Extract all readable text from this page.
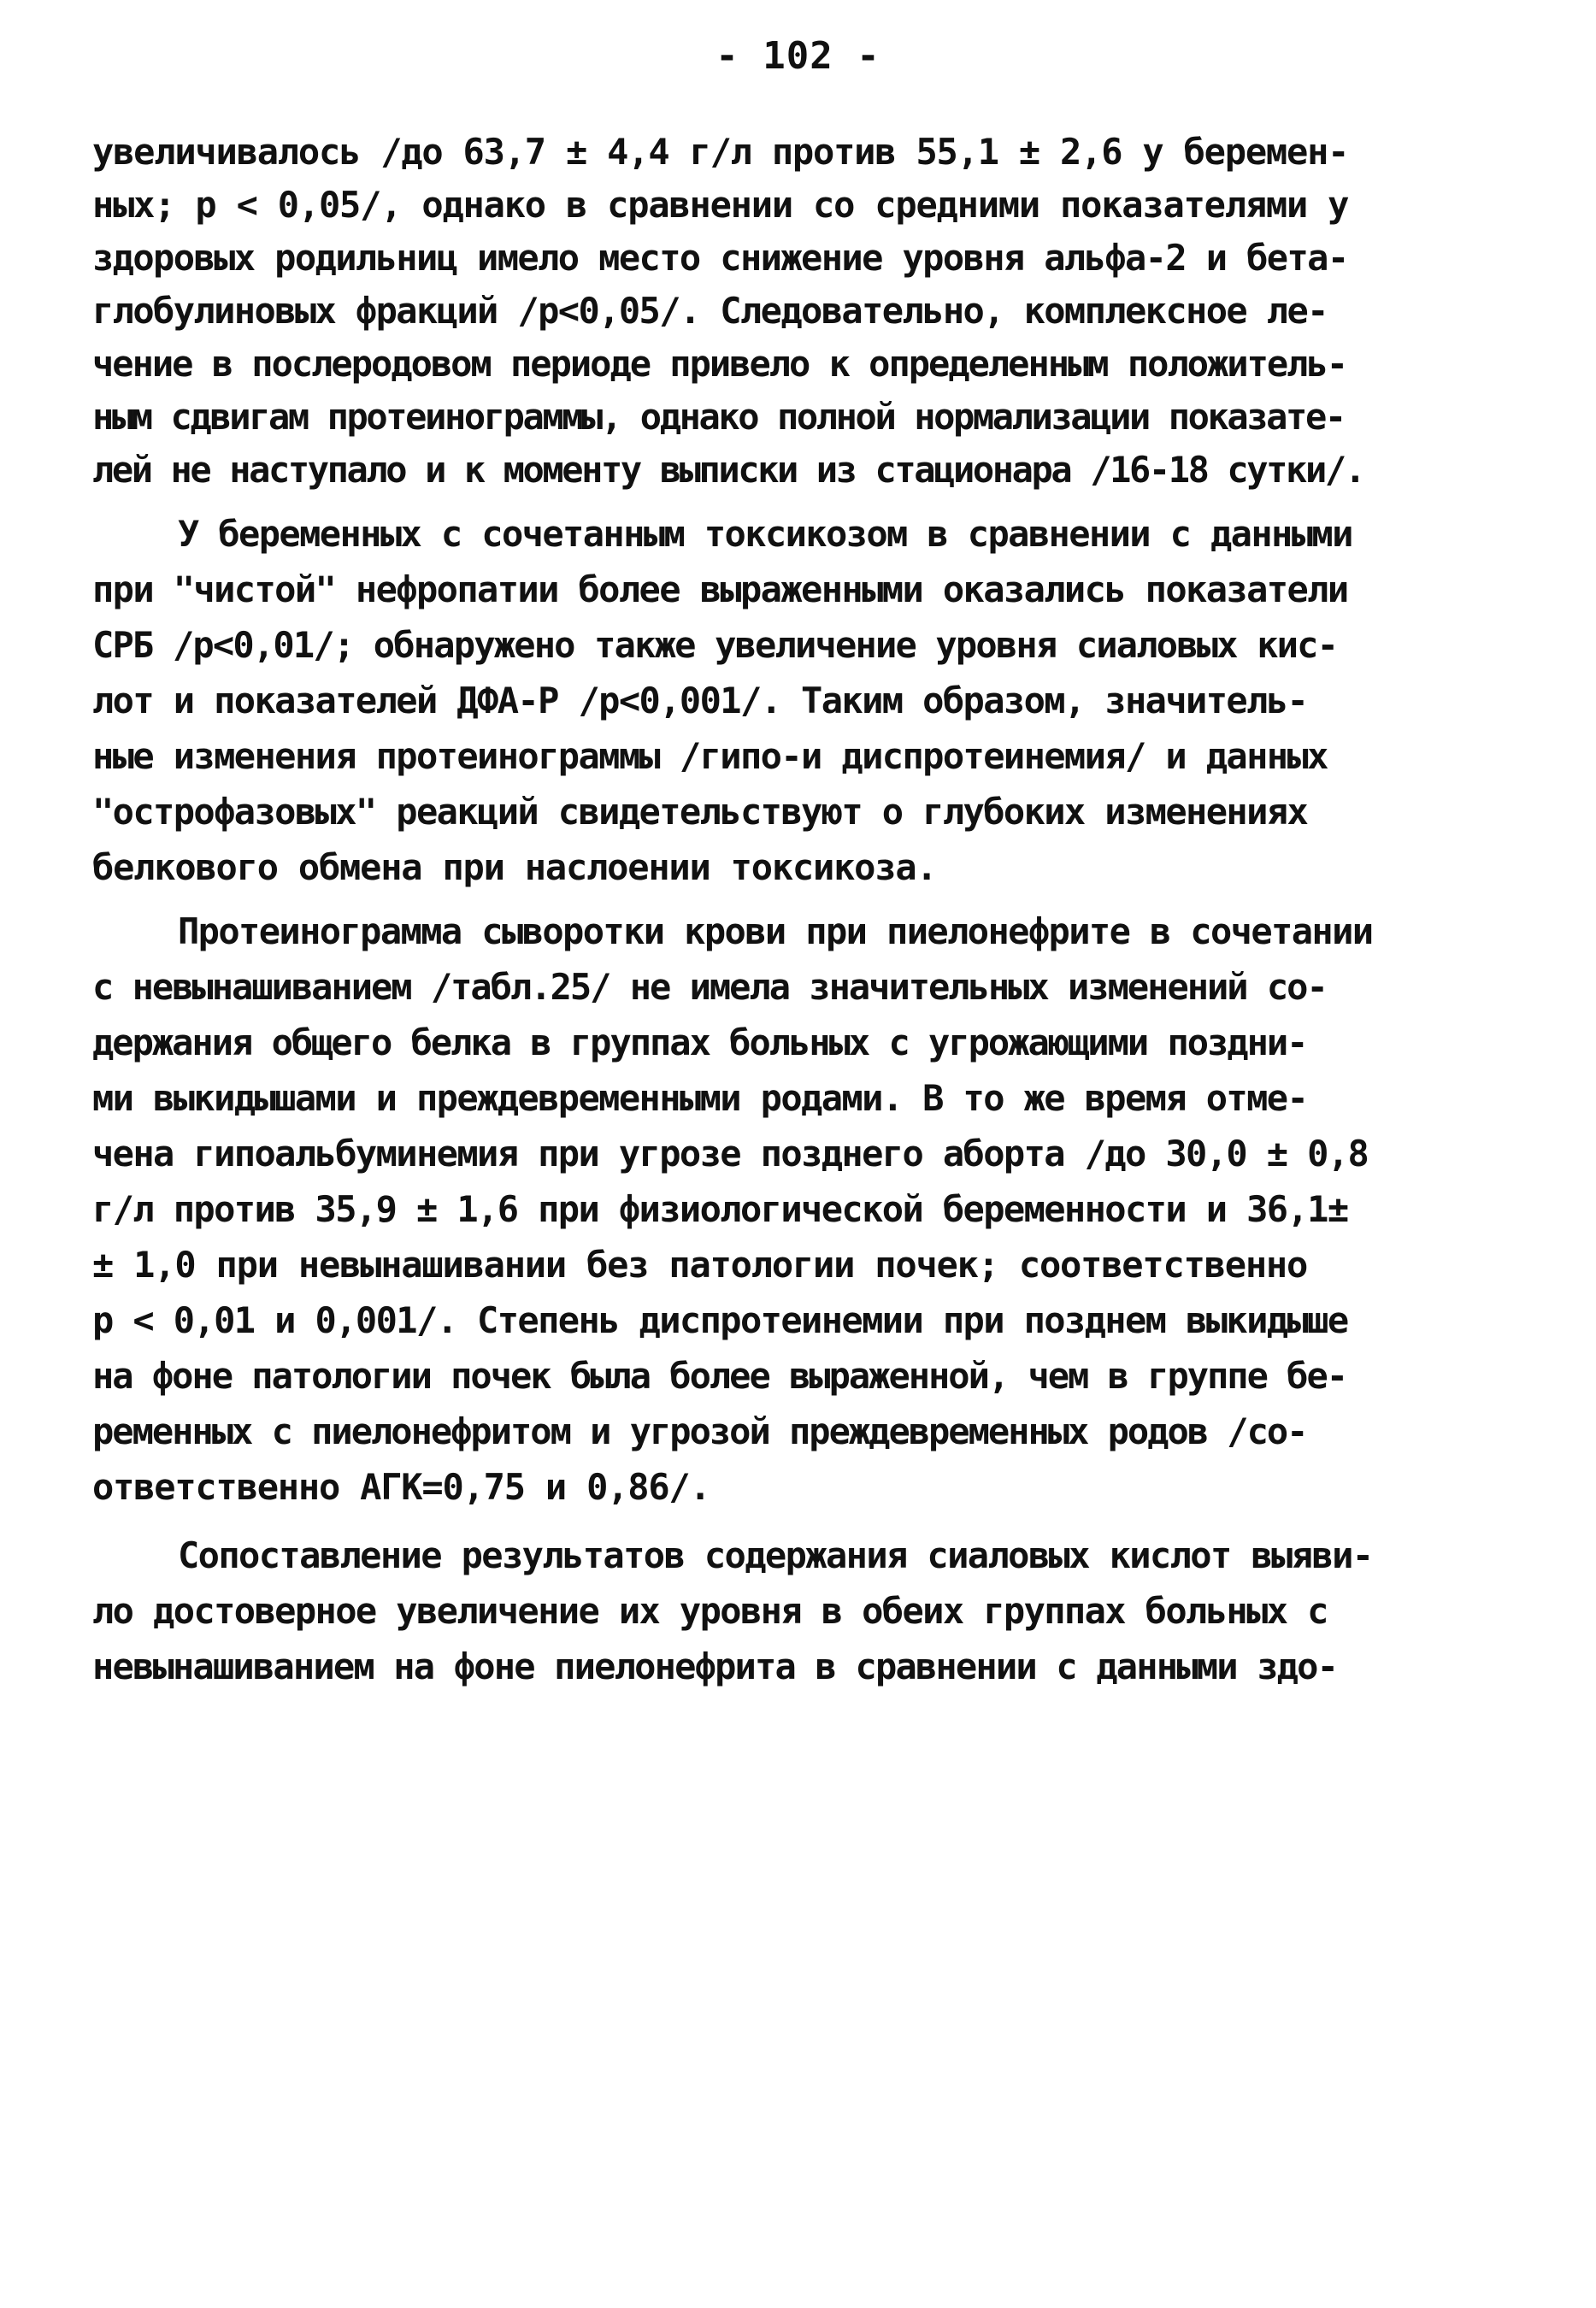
- 102 -
увеличивалось /до 63,7 ± 4,4 г/л против 55,1 ± 2,6 у беремен-
ных; p < 0,05/, однако в сравнении со средними показателями у
здоровых родильниц имело место снижение уровня альфа-2 и бета-
глобулиновых фракций /p<0,05/. Следовательно, комплексное ле-
чение в послеродовом периоде привело к определенным положитель-
ным сдвигам протеинограммы, однако полной нормализации показате-
лей не наступало и к моменту выписки из стационара /16-18 сутки/.
У беременных с сочетанным токсикозом в сравнении с данными
при "чистой" нефропатии более выраженными оказались показатели
СРБ /p<0,01/; обнаружено также увеличение уровня сиаловых кис-
лот и показателей ДФА-Р /p<0,001/. Таким образом, значитель-
ные изменения протеинограммы /гипо-и диспротеинемия/ и данных
"острофазовых" реакций свидетельствуют о глубоких изменениях
белкового обмена при наслоении токсикоза.
Протеинограмма сыворотки крови при пиелонефрите в сочетании
с невынашиванием /табл.25/ не имела значительных изменений со-
держания общего белка в группах больных с угрожающими поздни-
ми выкидышами и преждевременными родами. В то же время отме-
чена гипоальбуминемия при угрозе позднего аборта /до 30,0 ± 0,8
г/л против 35,9 ± 1,6 при физиологической беременности и 36,1±
± 1,0 при невынашивании без патологии почек; соответственно
p < 0,01 и 0,001/. Степень диспротеинемии при позднем выкидыше
на фоне патологии почек была более выраженной, чем в группе бе-
ременных с пиелонефритом и угрозой преждевременных родов /со-
ответственно АГК=0,75 и 0,86/.
Сопоставление результатов содержания сиаловых кислот выяви-
ло достоверное увеличение их уровня в обеих группах больных с
невынашиванием на фоне пиелонефрита в сравнении с данными здо-
